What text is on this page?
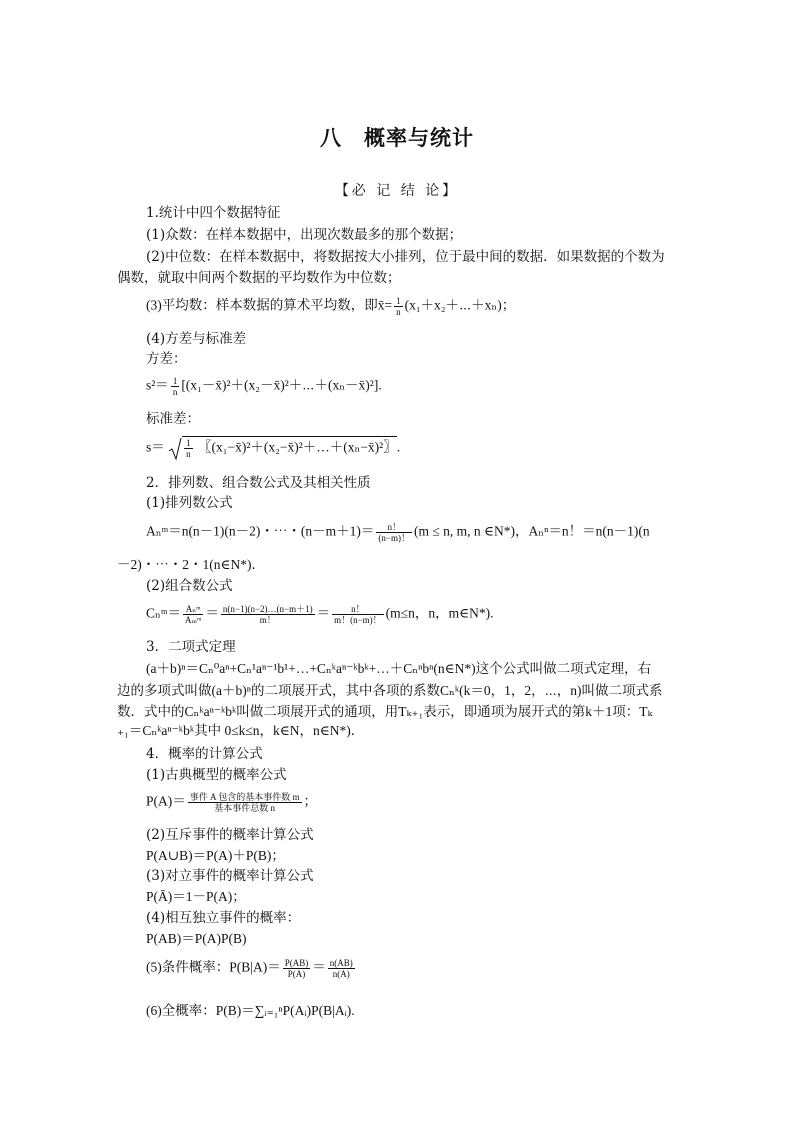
八　概率与统计
【必 记 结 论】
1.统计中四个数据特征
(1)众数：在样本数据中，出现次数最多的那个数据；
(2)中位数：在样本数据中，将数据按大小排列，位于最中间的数据．如果数据的个数为
偶数，就取中间两个数据的平均数作为中位数；
(3)平均数：样本数据的算术平均数，即x̄= $\frac{1}{n}$ (x₁＋x₂＋⋯＋xₙ)；
(4)方差与标准差
方差：
$s^2= \frac{1}{n}$ [(x₁－x̄)²＋(x₂－x̄)²＋⋯＋(xₙ－x̄)²].
标准差：
$s= \frac{1}{n}$ 〖(x₁−x̄)²＋(x₂−x̄)²＋…＋(xₙ−x̄)²〗.
2．排列数、组合数公式及其相关性质
(1)排列数公式
Aₙᵐ＝n(n－1)(n－2)・⋯・$(n-m+1)= \frac{n!}{(n-m)!} (m \le n$, m, n ∈N*)，Aₙⁿ＝n！＝n(n－1)(n
－2)・⋯・2・1(n∈N*)．
(2)组合数公式
Cₙᵐ＝ $\frac{\text{Aₙᵐ}}{\text{Aₘᵐ}} = \frac{n(n-1)(n-2)\dots(n-m+1)}{m!} = \frac{n!}{m!(n-m)!} (m\le n$，n，m∈N*).
3．二项式定理
(a＋b)ⁿ＝Cₙ⁰aⁿ+Cₙ¹aⁿ⁻¹b¹+…+Cₙᵏaⁿ⁻ᵏbᵏ+…＋Cₙⁿbⁿ(n∈N*)这个公式叫做二项式定理，右
边的多项式叫做(a＋b)ⁿ的二项展开式，其中各项的系数Cₙᵏ(k＝0，1，2，⋯，n)叫做二项式系
数．式中的Cₙᵏaⁿ⁻ᵏbᵏ叫做二项展开式的通项，用Tₖ₊₁表示，即通项为展开式的第k＋1项：Tₖ
₊₁＝Cₙᵏaⁿ⁻ᵏbᵏ其中 0≤k≤n，k∈N，n∈N*)．
4．概率的计算公式
(1)古典概型的概率公式
$P(A)= \frac{\text{事件 A 包含的基本事件数 m}}{\text{基本事件总数 n}}$ ；
(2)互斥事件的概率计算公式
P(A∪B)＝P(A)＋P(B)；
(3)对立事件的概率计算公式
P(Ā)＝1－P(A)；
(4)相互独立事件的概率：
P(AB)＝P(A)P(B)
(5)条件概率：$P(B|A)= \frac{P(AB)}{P(A)} = \frac{n(AB)}{n(A)}$
(6)全概率：P(B)＝∑ᵢ₌₁ⁿP(Aᵢ)P(B|Aᵢ).
